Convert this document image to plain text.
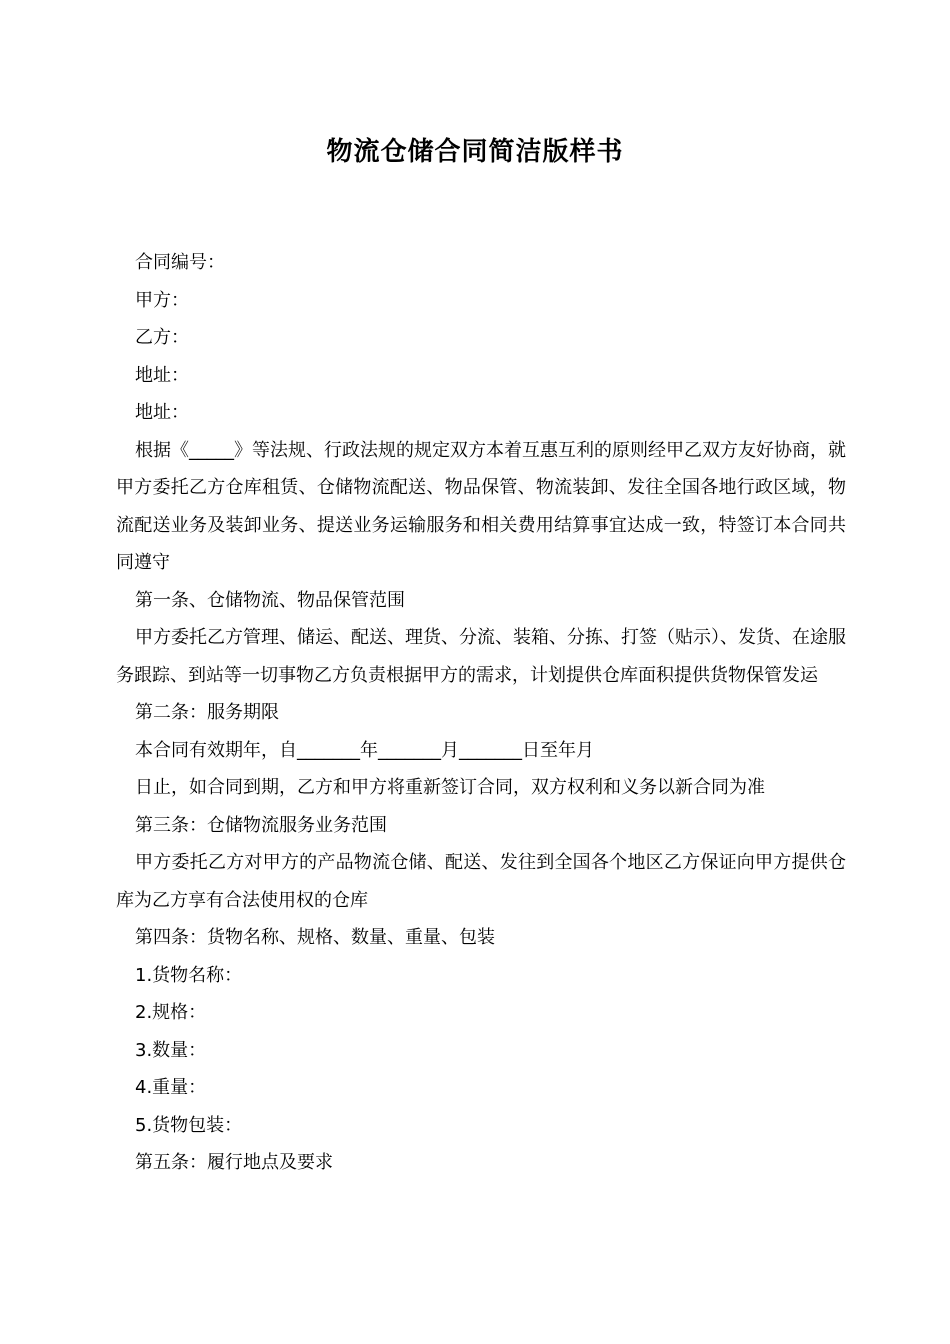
物流仓储合同简洁版样书

合同编号：

甲方：

乙方：

地址：

地址：

根据《_____》等法规、行政法规的规定双方本着互惠互利的原则经甲乙双方友好协商，就甲方委托乙方仓库租赁、仓储物流配送、物品保管、物流装卸、发往全国各地行政区域，物流配送业务及装卸业务、提送业务运输服务和相关费用结算事宜达成一致，特签订本合同共同遵守

第一条、仓储物流、物品保管范围

甲方委托乙方管理、储运、配送、理货、分流、装箱、分拣、打签（贴示）、发货、在途服务跟踪、到站等一切事物乙方负责根据甲方的需求，计划提供仓库面积提供货物保管发运

第二条：服务期限

本合同有效期年，自_______年_______月_______日至年月

日止，如合同到期，乙方和甲方将重新签订合同，双方权利和义务以新合同为准

第三条：仓储物流服务业务范围

甲方委托乙方对甲方的产品物流仓储、配送、发往到全国各个地区乙方保证向甲方提供仓库为乙方享有合法使用权的仓库

第四条：货物名称、规格、数量、重量、包装

1.货物名称：

2.规格：

3.数量：

4.重量：

5.货物包装：

第五条：履行地点及要求
